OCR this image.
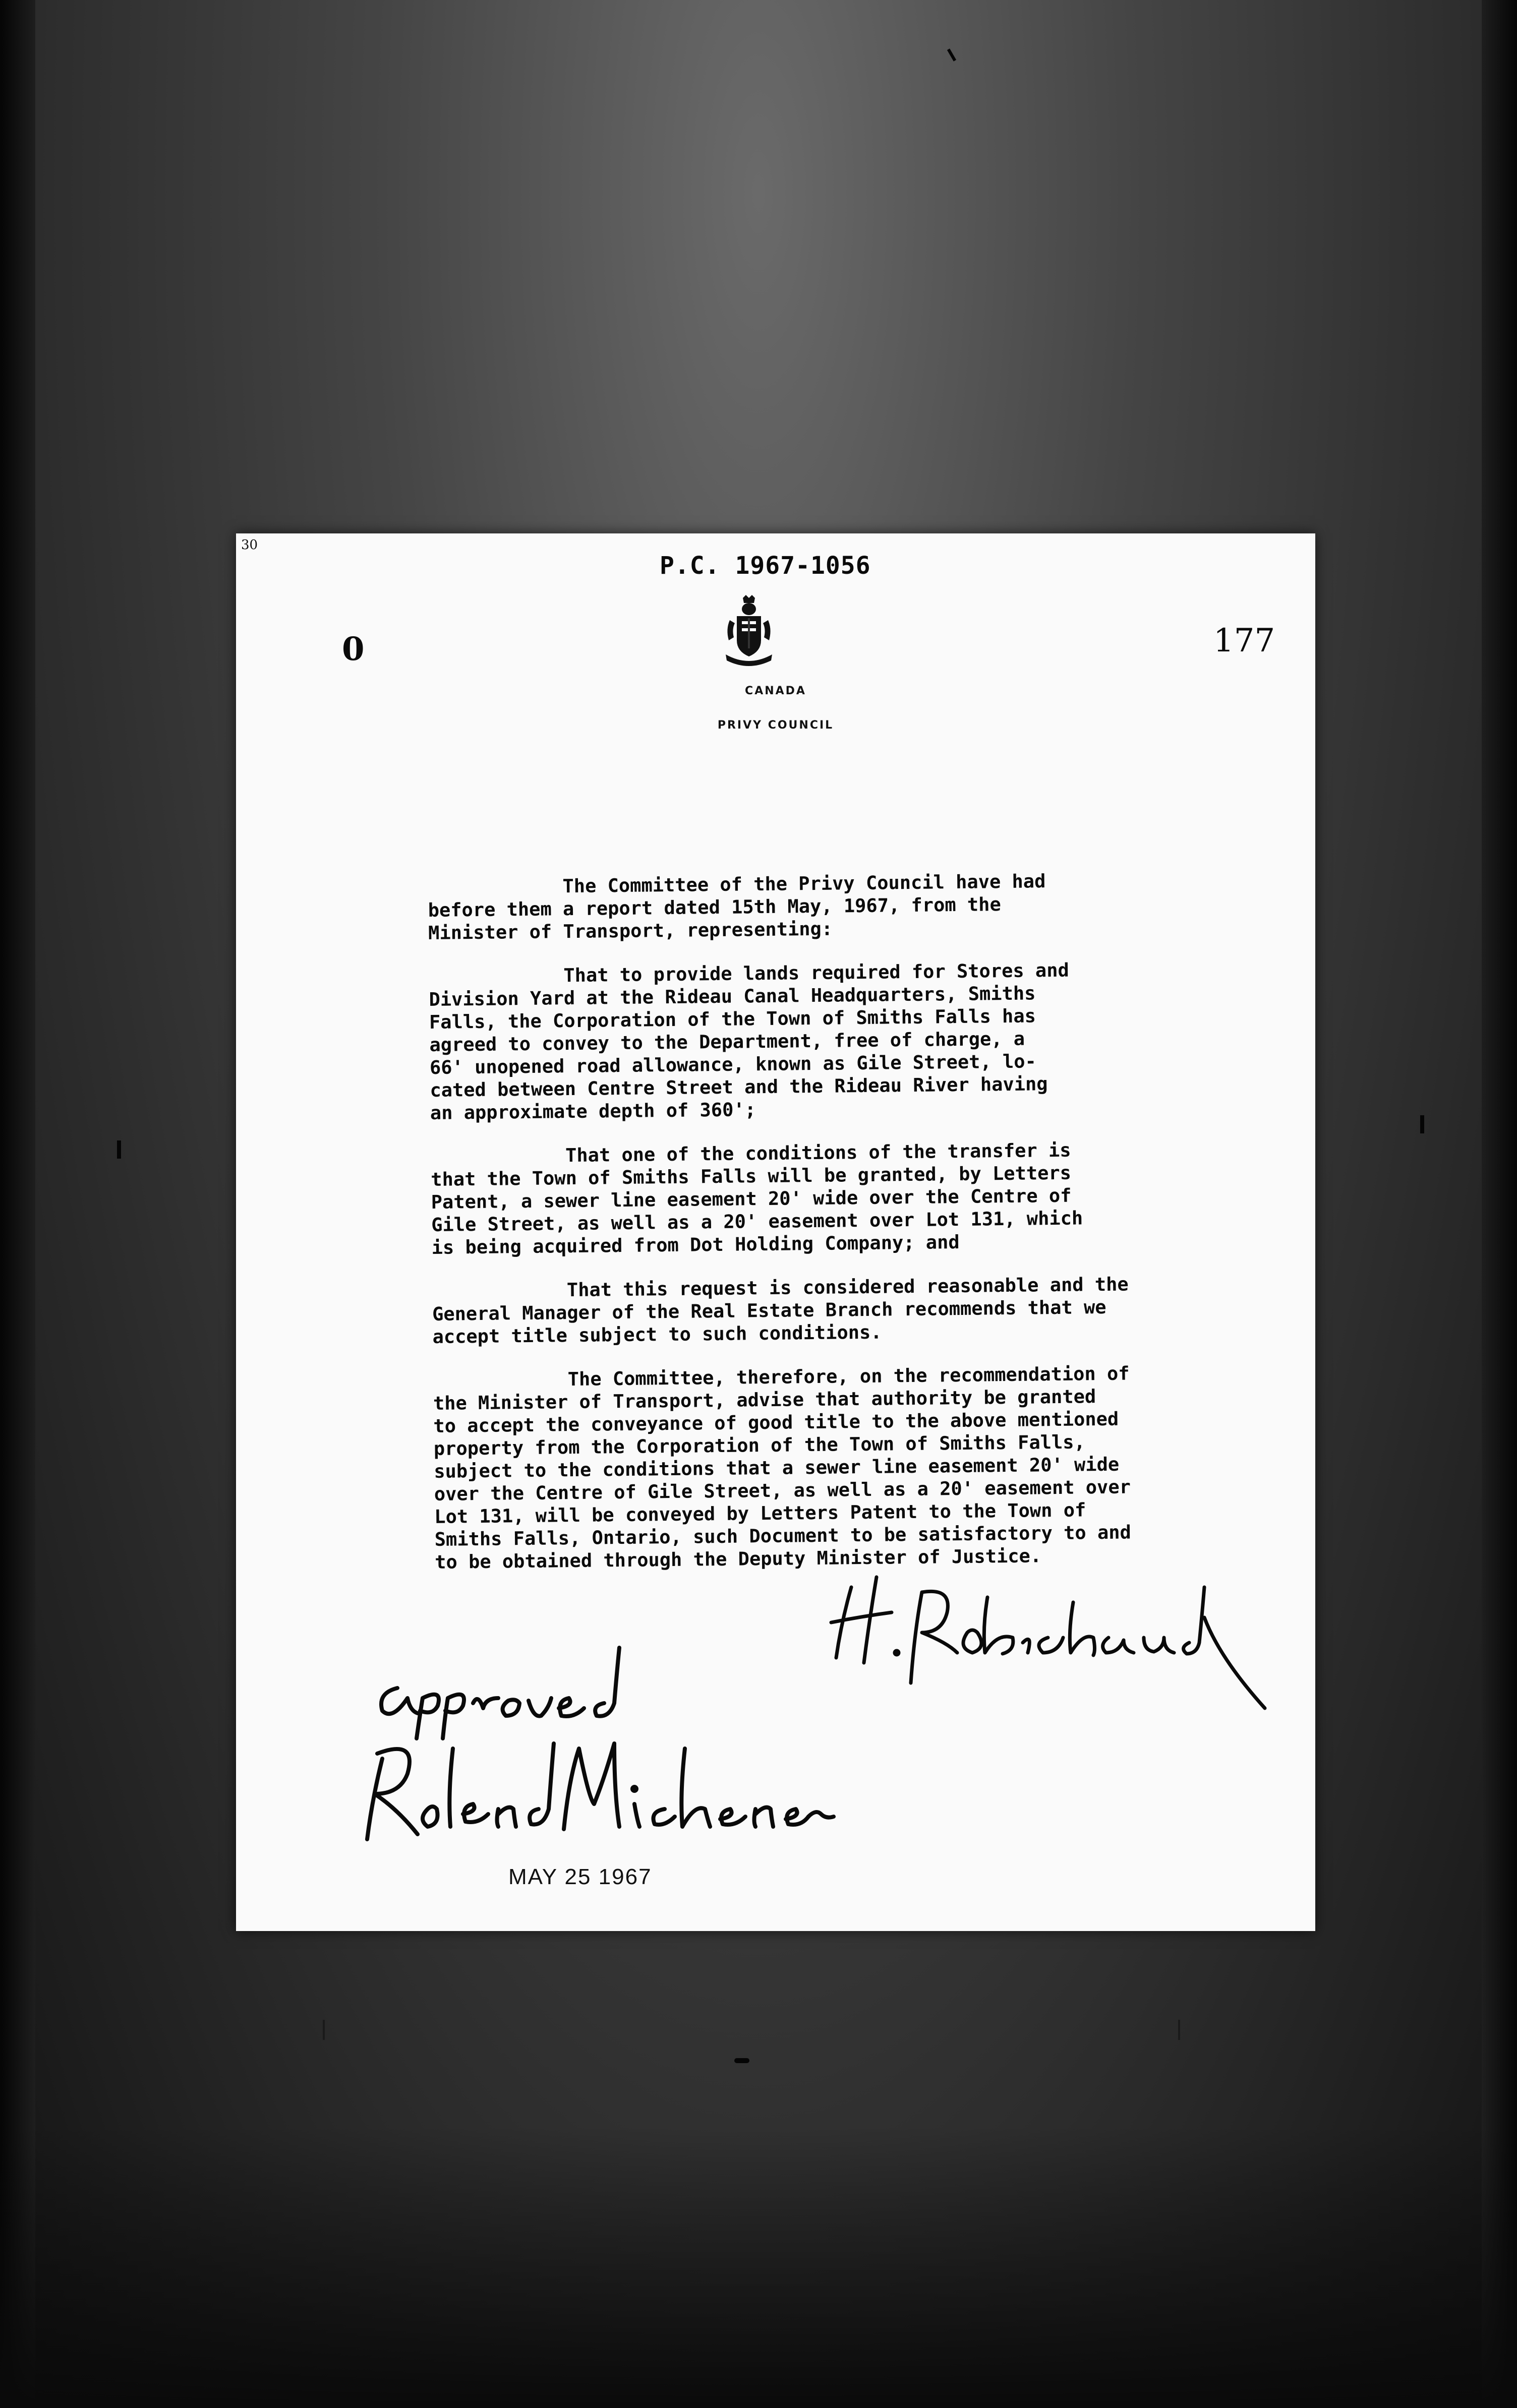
30
P.C. 1967-1056
0	177
CANADA
PRIVY COUNCIL
The Committee of the Privy Council have had
before them a report dated 15th May, 1967, from the
Minister of Transport, representing:
That to provide lands required for Stores and
Division Yard at the Rideau Canal Headquarters, Smiths
Falls, the Corporation of the Town of Smiths Falls has
agreed to convey to the Department, free of charge, a
66' unopened road allowance, known as Gile Street, lo-
cated between Centre Street and the Rideau River having
an approximate depth of 360';
That one of the conditions of the transfer is
that the Town of Smiths Falls will be granted, by Letters
Patent, a sewer line easement 20' wide over the Centre of
Gile Street, as well as a 20' easement over Lot 131, which
is being acquired from Dot Holding Company; and
That this request is considered reasonable and the
General Manager of the Real Estate Branch recommends that we
accept title subject to such conditions.
The Committee, therefore, on the recommendation of
the Minister of Transport, advise that authority be granted
to accept the conveyance of good title to the above mentioned
property from the Corporation of the Town of Smiths Falls,
subject to the conditions that a sewer line easement 20' wide
over the Centre of Gile Street, as well as a 20' easement over
Lot 131, will be conveyed by Letters Patent to the Town of
Smiths Falls, Ontario, such Document to be satisfactory to and
to be obtained through the Deputy Minister of Justice.
MAY 25 1967
